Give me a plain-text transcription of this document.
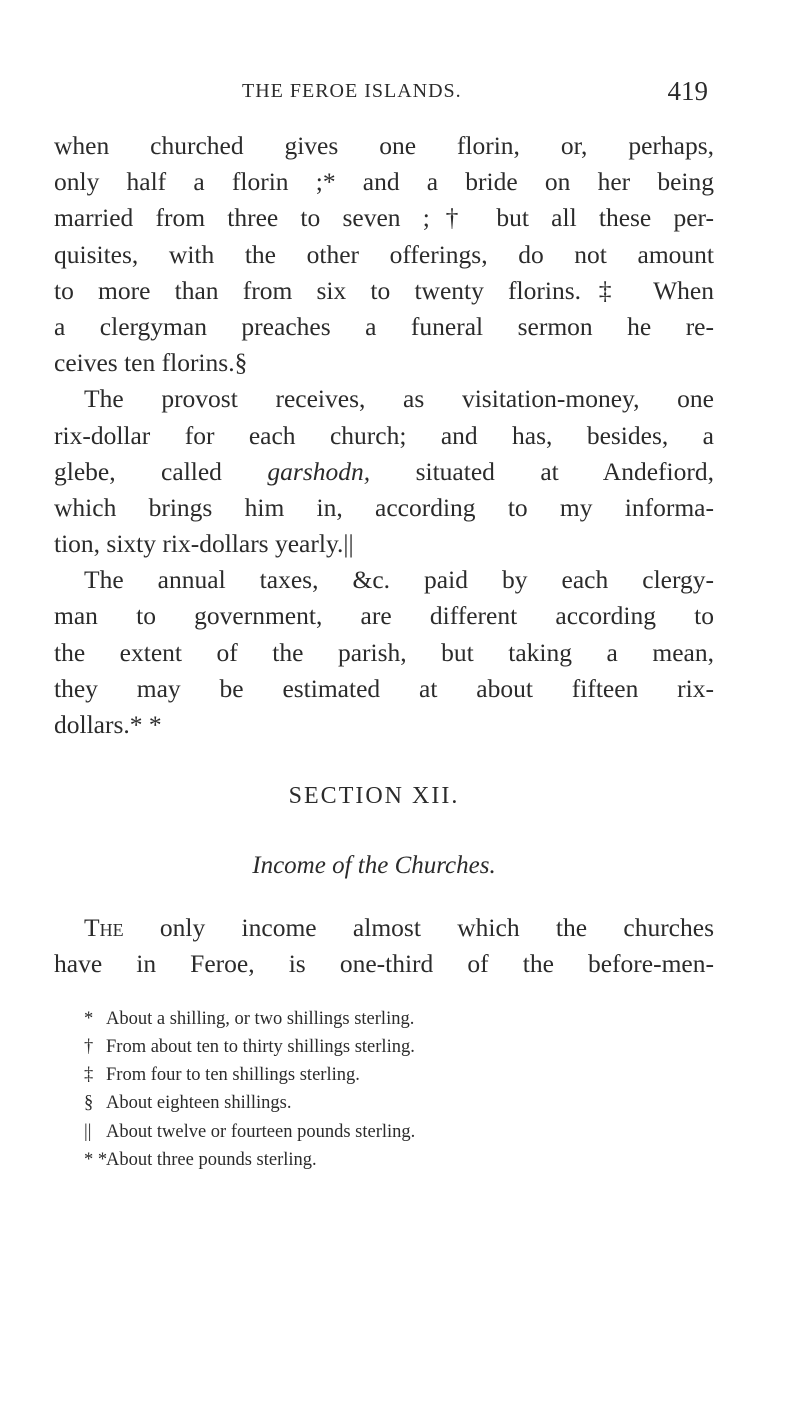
THE FEROE ISLANDS.	419
when churched gives one florin, or, perhaps,
only half a florin ;* and a bride on her being
married from three to seven ;† but all these per-
quisites, with the other offerings, do not amount
to more than from six to twenty florins.‡ When
a clergyman preaches a funeral sermon he re-
ceives ten florins.§
The provost receives, as visitation-money, one
rix-dollar for each church; and has, besides, a
glebe, called garshodn, situated at Andefiord,
which brings him in, according to my informa-
tion, sixty rix-dollars yearly.||
The annual taxes, &c. paid by each clergy-
man to government, are different according to
the extent of the parish, but taking a mean,
they may be estimated at about fifteen rix-
dollars.* *
SECTION XII.
Income of the Churches.
The only income almost which the churches
have in Feroe, is one-third of the before-men-
* About a shilling, or two shillings sterling.
† From about ten to thirty shillings sterling.
‡ From four to ten shillings sterling.
§ About eighteen shillings.
|| About twelve or fourteen pounds sterling.
* *About three pounds sterling.
